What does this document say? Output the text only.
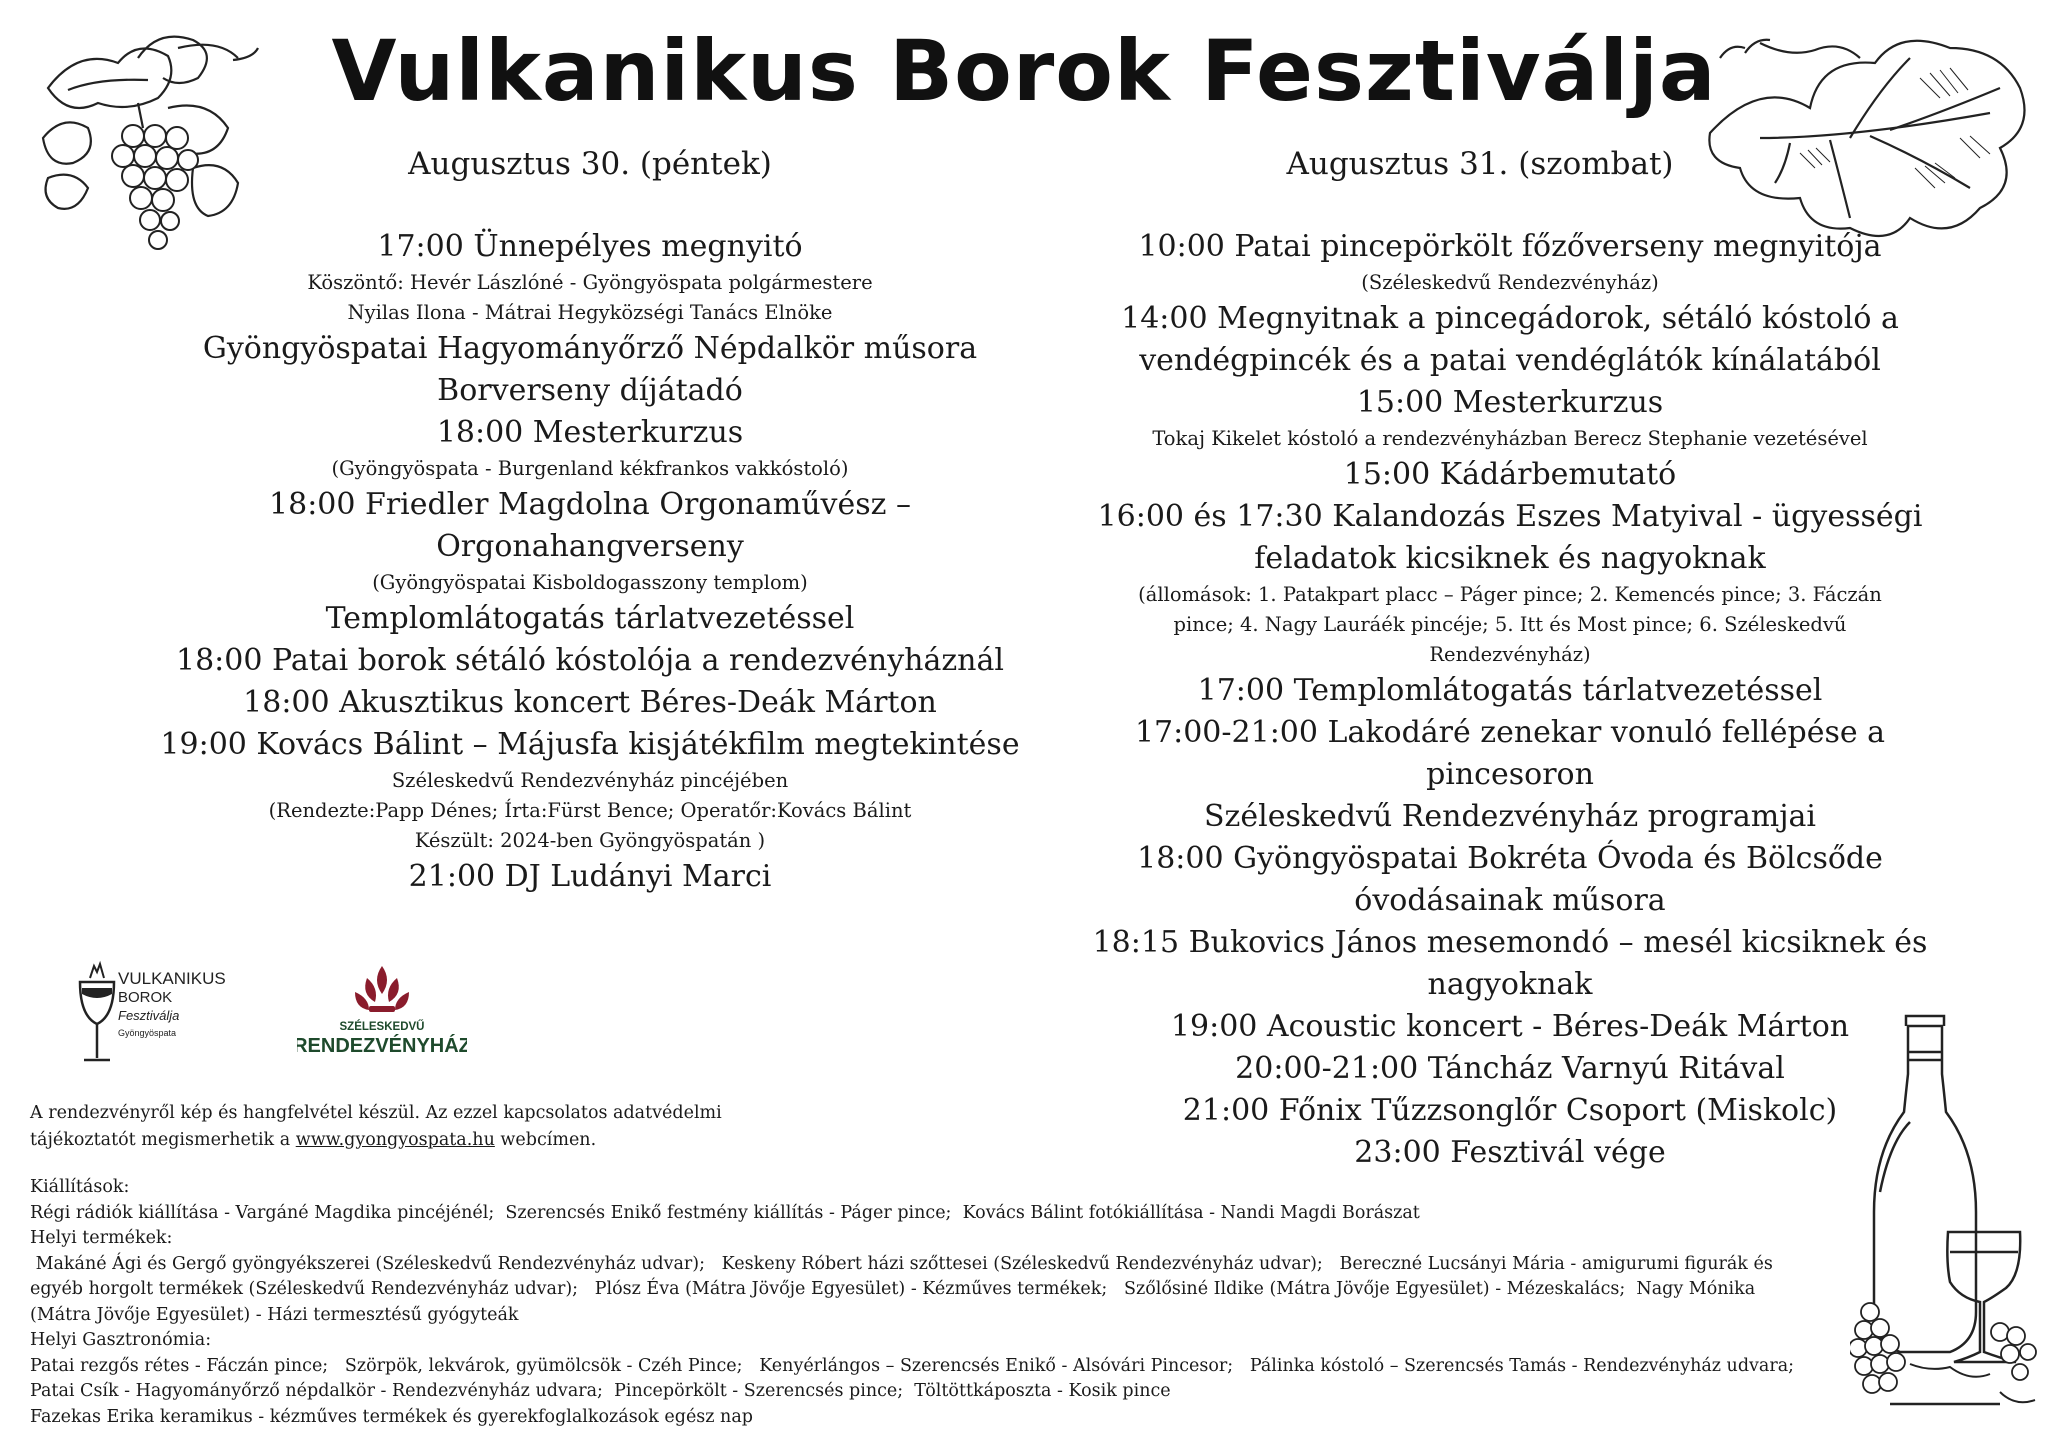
Vulkanikus Borok Fesztiválja
Augusztus 30. (péntek)	Augusztus 31. (szombat)
17:00 Ünnepélyes megnyitó
Köszöntő: Hevér Lászlóné - Gyöngyöspata polgármestere
Nyilas Ilona - Mátrai Hegyközségi Tanács Elnöke
Gyöngyöspatai Hagyományőrző Népdalkör műsora
Borverseny díjátadó
18:00 Mesterkurzus
(Gyöngyöspata - Burgenland kékfrankos vakkóstoló)
18:00 Friedler Magdolna Orgonaművész –
Orgonahangverseny
(Gyöngyöspatai Kisboldogasszony templom)
Templomlátogatás tárlatvezetéssel
18:00 Patai borok sétáló kóstolója a rendezvényháznál
18:00 Akusztikus koncert Béres-Deák Márton
19:00 Kovács Bálint – Májusfa kisjátékfilm megtekintése
Széleskedvű Rendezvényház pincéjében
(Rendezte:Papp Dénes; Írta:Fürst Bence; Operatőr:Kovács Bálint
Készült: 2024-ben Gyöngyöspatán )
21:00 DJ Ludányi Marci
10:00 Patai pincepörkölt főzőverseny megnyitója
(Széleskedvű Rendezvényház)
14:00 Megnyitnak a pincegádorok, sétáló kóstoló a
vendégpincék és a patai vendéglátók kínálatából
15:00 Mesterkurzus
Tokaj Kikelet kóstoló a rendezvényházban Berecz Stephanie vezetésével
15:00 Kádárbemutató
16:00 és 17:30 Kalandozás Eszes Matyival - ügyességi
feladatok kicsiknek és nagyoknak
(állomások: 1. Patakpart placc – Páger pince; 2. Kemencés pince; 3. Fáczán
pince; 4. Nagy Lauráék pincéje; 5. Itt és Most pince; 6. Széleskedvű
Rendezvényház)
17:00 Templomlátogatás tárlatvezetéssel
17:00-21:00 Lakodáré zenekar vonuló fellépése a
pincesoron
Széleskedvű Rendezvényház programjai
18:00 Gyöngyöspatai Bokréta Óvoda és Bölcsőde
óvodásainak műsora
18:15 Bukovics János mesemondó – mesél kicsiknek és
nagyoknak
19:00 Acoustic koncert - Béres-Deák Márton
20:00-21:00 Táncház Varnyú Ritával
21:00 Főnix Tűzzsonglőr Csoport (Miskolc)
23:00 Fesztivál vége
VULKANIKUS
BOROK
Fesztiválja
Gyöngyöspata
	SZÉLESKEDVŰ
RENDEZVÉNYHÁZ
A rendezvényről kép és hangfelvétel készül. Az ezzel kapcsolatos adatvédelmi
tájékoztatót megismerhetik a www.gyongyospata.hu webcímen.
Kiállítások:
Régi rádiók kiállítása - Vargáné Magdika pincéjénél;  Szerencsés Enikő festmény kiállítás - Páger pince;  Kovács Bálint fotókiállítása - Nandi Magdi Borászat
Helyi termékek:
Makáné Ági és Gergő gyöngyékszerei (Széleskedvű Rendezvényház udvar);   Keskeny Róbert házi szőttesei (Széleskedvű Rendezvényház udvar);   Bereczné Lucsányi Mária - amigurumi figurák és
egyéb horgolt termékek (Széleskedvű Rendezvényház udvar);   Plósz Éva (Mátra Jövője Egyesület) - Kézműves termékek;   Szőlősiné Ildike (Mátra Jövője Egyesület) - Mézeskalács;  Nagy Mónika
(Mátra Jövője Egyesület) - Házi termesztésű gyógyteák
Helyi Gasztronómia:
Patai rezgős rétes - Fáczán pince;   Szörpök, lekvárok, gyümölcsök - Czéh Pince;   Kenyérlángos – Szerencsés Enikő - Alsóvári Pincesor;   Pálinka kóstoló – Szerencsés Tamás - Rendezvényház udvara;
Patai Csík - Hagyományőrző népdalkör - Rendezvényház udvara;  Pincepörkölt - Szerencsés pince;  Töltöttkáposzta - Kosik pince
Fazekas Erika keramikus - kézműves termékek és gyerekfoglalkozások egész nap
